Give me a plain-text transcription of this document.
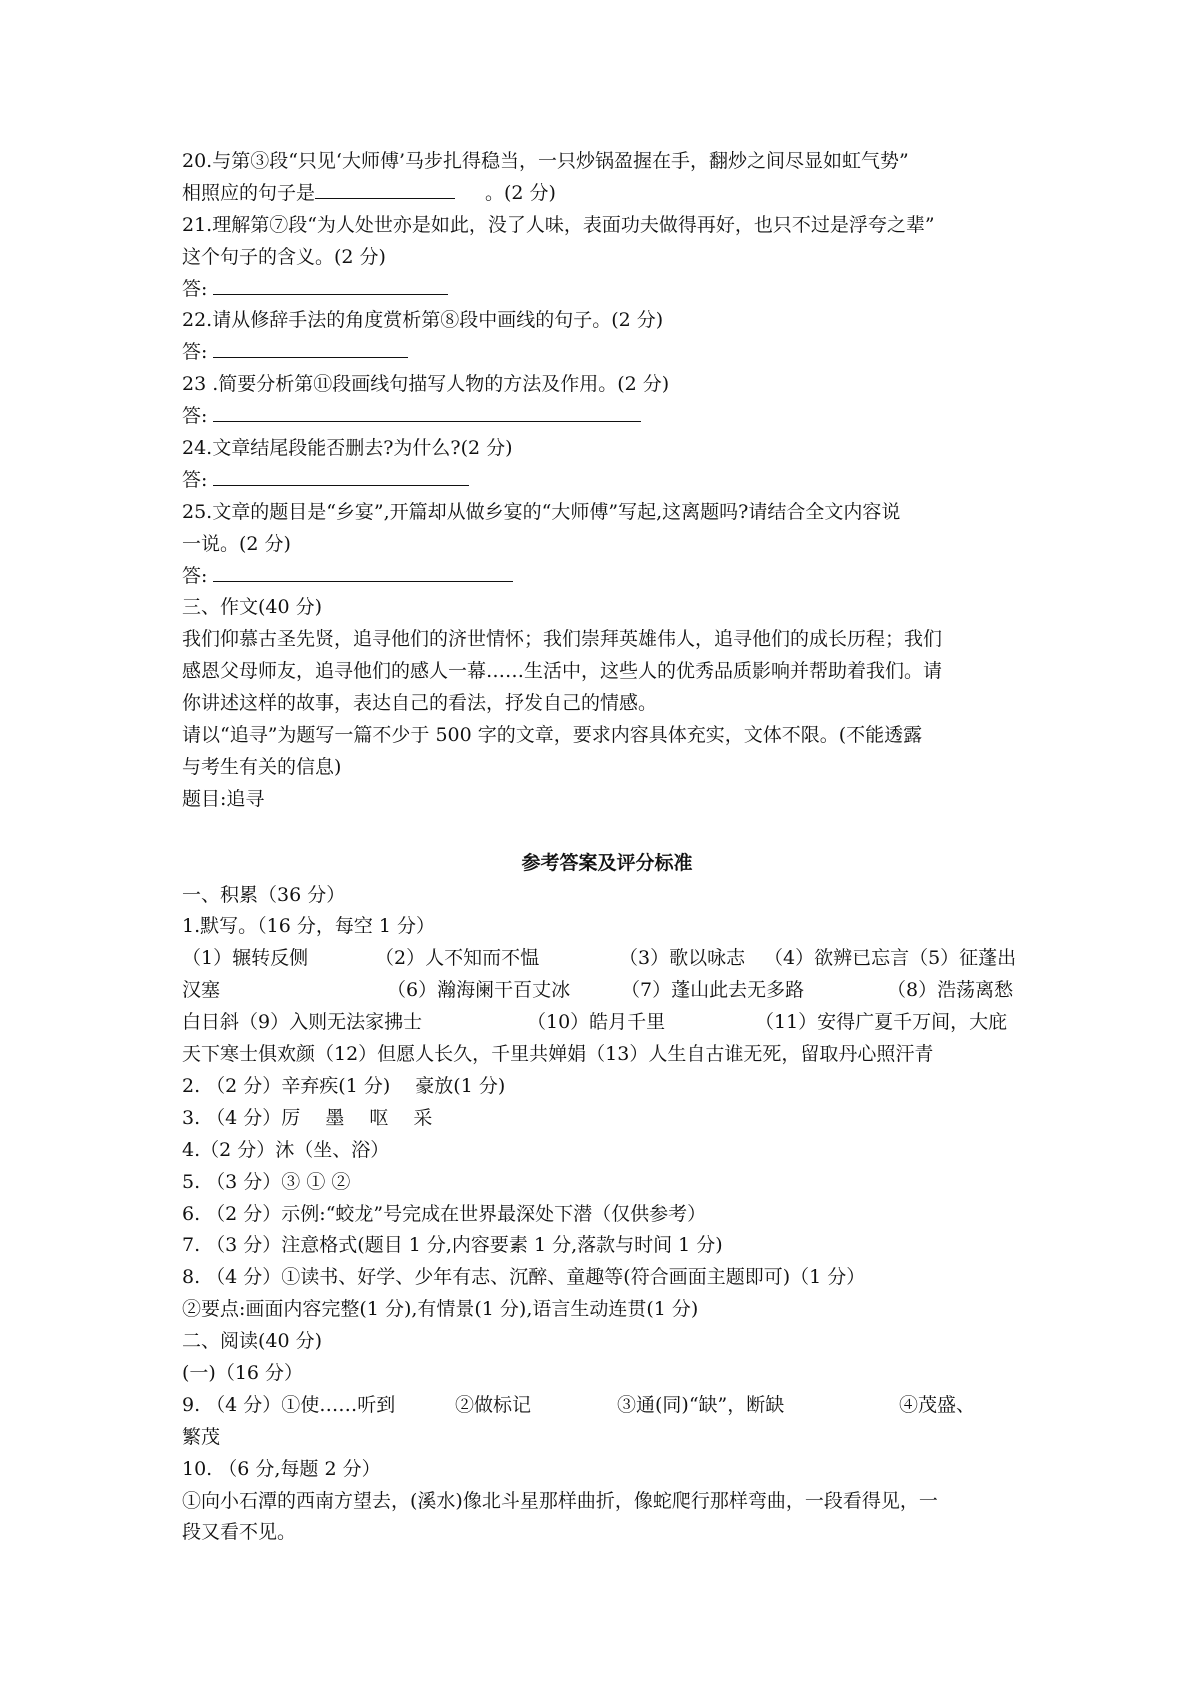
20.与第③段“只见‘大师傅’马步扎得稳当，一只炒锅盈握在手，翻炒之间尽显如虹气势”
相照应的句子是	。(2 分)
21.理解第⑦段“为人处世亦是如此，没了人味，表面功夫做得再好，也只不过是浮夸之辈”
这个句子的含义。(2 分)
答:
22.请从修辞手法的角度赏析第⑧段中画线的句子。(2 分)
答:
23 .简要分析第⑪段画线句描写人物的方法及作用。(2 分)
答:
24.文章结尾段能否删去?为什么?(2 分)
答:
25.文章的题目是“乡宴”,开篇却从做乡宴的“大师傅”写起,这离题吗?请结合全文内容说
一说。(2 分)
答:
三、作文(40 分)
我们仰慕古圣先贤，追寻他们的济世情怀；我们崇拜英雄伟人，追寻他们的成长历程；我们
感恩父母师友，追寻他们的感人一幕……生活中，这些人的优秀品质影响并帮助着我们。请
你讲述这样的故事，表达自己的看法，抒发自己的情感。
请以“追寻”为题写一篇不少于 500 字的文章，要求内容具体充实，文体不限。(不能透露
与考生有关的信息)
题目:追寻
参考答案及评分标准
一、积累（36 分）
1.默写。（16 分，每空 1 分）
（1）辗转反侧	（2）人不知而不愠	（3）歌以咏志 （4）欲辨已忘言（5）征蓬出
汉塞	（6）瀚海阑干百丈冰	（7）蓬山此去无多路	（8）浩荡离愁
白日斜（9）入则无法家拂士	（10）皓月千里	（11）安得广夏千万间，大庇
天下寒士俱欢颜（12）但愿人长久，千里共婵娟（13）人生自古谁无死，留取丹心照汗青
2. （2 分）辛弃疾(1 分)　 豪放(1 分)
3. （4 分）厉　 墨　 呕　 采
4.（2 分）沐（坐、浴）
5. （3 分）③ ① ②
6. （2 分）示例:“蛟龙”号完成在世界最深处下潜（仅供参考）
7. （3 分）注意格式(题目 1 分,内容要素 1 分,落款与时间 1 分)
8. （4 分）①读书、好学、少年有志、沉醉、童趣等(符合画面主题即可)（1 分）
②要点:画面内容完整(1 分),有情景(1 分),语言生动连贯(1 分)
二、阅读(40 分)
(一)（16 分）
9. （4 分）①使……听到	②做标记	③通(同)“缺”，断缺	④茂盛、
繁茂
10. （6 分,每题 2 分）
①向小石潭的西南方望去，(溪水)像北斗星那样曲折，像蛇爬行那样弯曲，一段看得见，一
段又看不见。
